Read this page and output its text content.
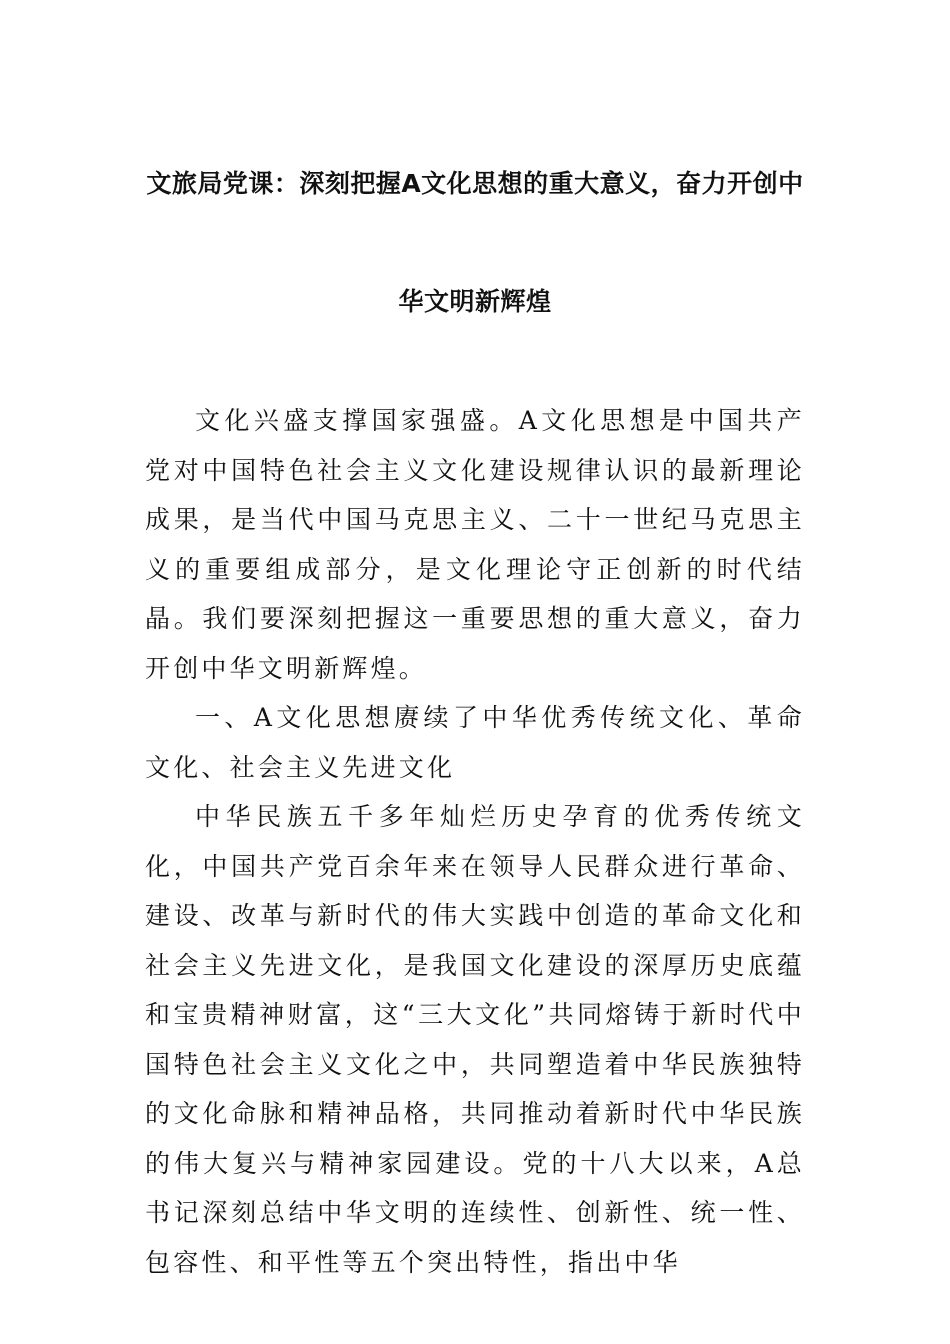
文旅局党课：深刻把握A文化思想的重大意义，奋力开创中
华文明新辉煌

文化兴盛支撑国家强盛。A文化思想是中国共产党对中国特色社会主义文化建设规律认识的最新理论成果，是当代中国马克思主义、二十一世纪马克思主义的重要组成部分，是文化理论守正创新的时代结晶。我们要深刻把握这一重要思想的重大意义，奋力开创中华文明新辉煌。

一、A文化思想赓续了中华优秀传统文化、革命文化、社会主义先进文化

中华民族五千多年灿烂历史孕育的优秀传统文化，中国共产党百余年来在领导人民群众进行革命、建设、改革与新时代的伟大实践中创造的革命文化和社会主义先进文化，是我国文化建设的深厚历史底蕴和宝贵精神财富，这“三大文化”共同熔铸于新时代中国特色社会主义文化之中，共同塑造着中华民族独特的文化命脉和精神品格，共同推动着新时代中华民族的伟大复兴与精神家园建设。党的十八大以来，A总书记深刻总结中华文明的连续性、创新性、统一性、包容性、和平性等五个突出特性，指出中华
